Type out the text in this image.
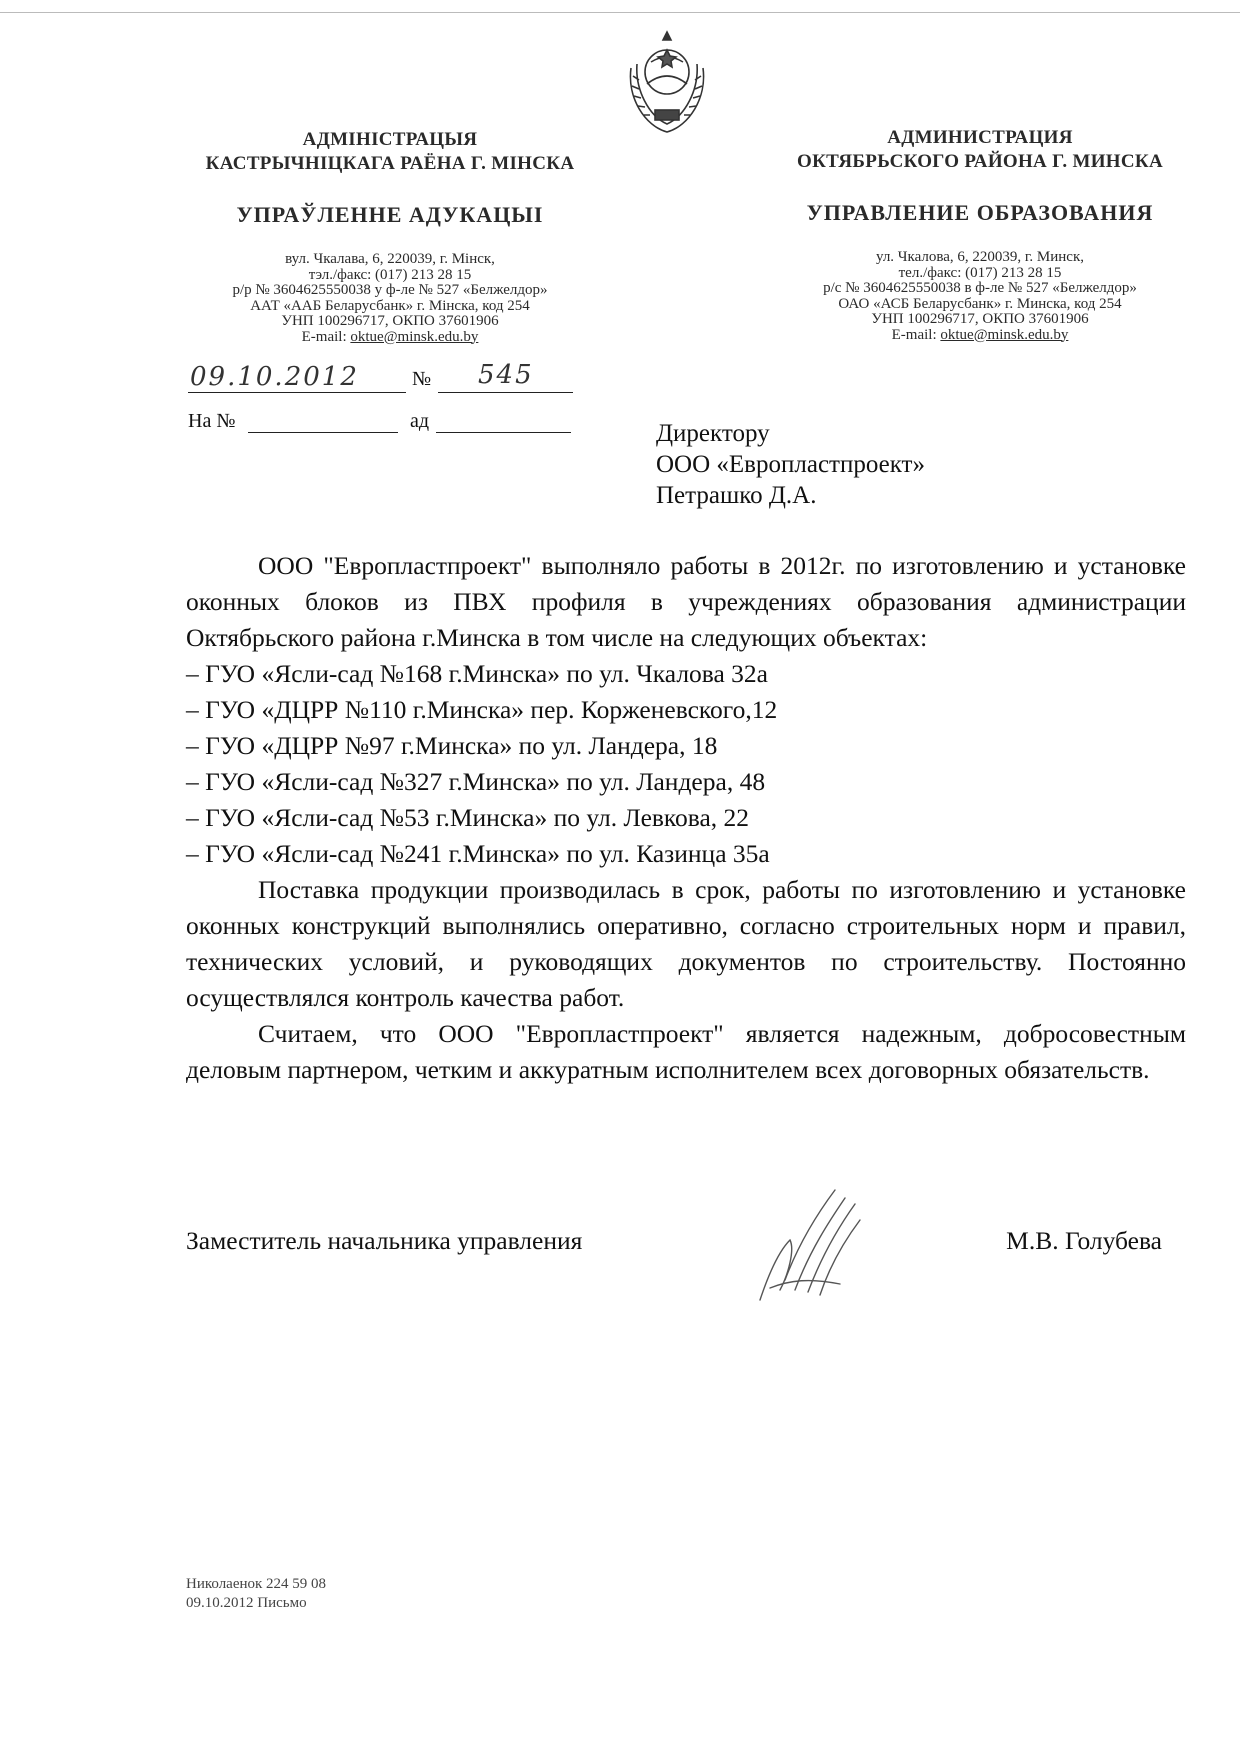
АДМІНІСТРАЦЫЯ
КАСТРЫЧНІЦКАГА РАЁНА Г. МІНСКА
УПРАЎЛЕННЕ АДУКАЦЫІ
вул. Чкалава, 6, 220039, г. Мінск,
тэл./факс: (017) 213 28 15
р/р № 3604625550038 у ф-ле № 527 «Белжелдор»
ААТ «ААБ Беларусбанк» г. Мінска, код 254
УНП 100296717, ОКПО 37601906
E-mail: oktue@minsk.edu.by
АДМИНИСТРАЦИЯ
ОКТЯБРЬСКОГО РАЙОНА Г. МИНСКА
УПРАВЛЕНИЕ ОБРАЗОВАНИЯ
ул. Чкалова, 6, 220039, г. Минск,
тел./факс: (017) 213 28 15
р/с № 3604625550038 в ф-ле № 527 «Белжелдор»
ОАО «АСБ Беларусбанк» г. Минска, код 254
УНП 100296717, ОКПО 37601906
E-mail: oktue@minsk.edu.by
09.10.2012	№ 545
На №	ад	Директору
ООО «Европластпроект»
Петрашко Д.А.

ООО "Европластпроект" выполняло работы в 2012г. по изготовлению и установке оконных блоков из ПВХ профиля в учреждениях образования администрации Октябрьского района г.Минска в том числе на следующих объектах:

– ГУО «Ясли-сад №168 г.Минска» по ул. Чкалова 32а
– ГУО «ДЦРР №110 г.Минска» пер. Корженевского,12
– ГУО «ДЦРР №97 г.Минска» по ул. Ландера, 18
– ГУО «Ясли-сад №327 г.Минска» по ул. Ландера, 48
– ГУО «Ясли-сад №53 г.Минска» по ул. Левкова, 22
– ГУО «Ясли-сад №241 г.Минска» по ул. Казинца 35а

Поставка продукции производилась в срок, работы по изготовлению и установке оконных конструкций выполнялись оперативно, согласно строительных норм и правил, технических условий, и руководящих документов по строительству. Постоянно осуществлялся контроль качества работ.

Считаем, что ООО "Европластпроект" является надежным, добросовестным деловым партнером, четким и аккуратным исполнителем всех договорных обязательств.

Заместитель начальника управления	М.В. Голубева
Николаенок 224 59 08
09.10.2012 Письмо
